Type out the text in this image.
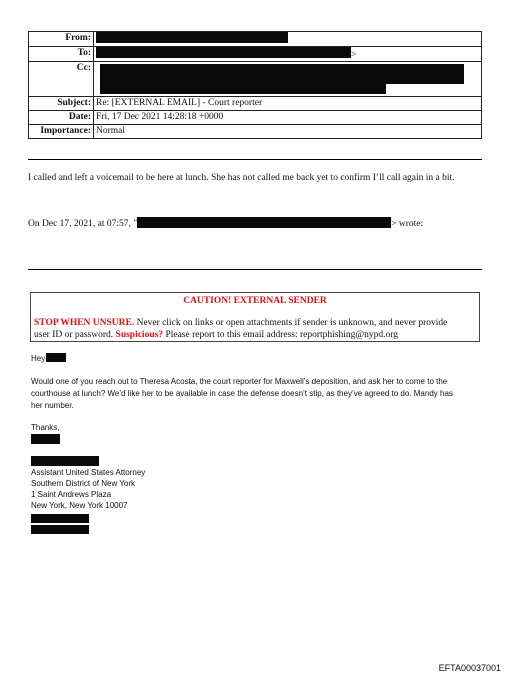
From:	
To:	>
Cc:	

Subject:	Re: [EXTERNAL EMAIL] - Court reporter
Date:	Fri, 17 Dec 2021 14:28:18 +0000
Importance:	Normal
I called and left a voicemail to be here at lunch. She has not called me back yet to confirm I’ll call again in a bit.
On Dec 17, 2021, at 07:57, "	> wrote:
CAUTION! EXTERNAL SENDER
STOP WHEN UNSURE. Never click on links or open attachments if sender is unknown, and never provide
user ID or password. Suspicious? Please report to this email address: reportphishing@nypd.org
Hey
Would one of you reach out to Theresa Acosta, the court reporter for Maxwell’s deposition, and ask her to come to the
courthouse at lunch? We’d like her to be available in case the defense doesn’t stip, as they’ve agreed to do. Mandy has
her number.
Thanks,
Assistant United States Attorney
Southern District of New York
1 Saint Andrews Plaza
New York, New York 10007
EFTA00037001
